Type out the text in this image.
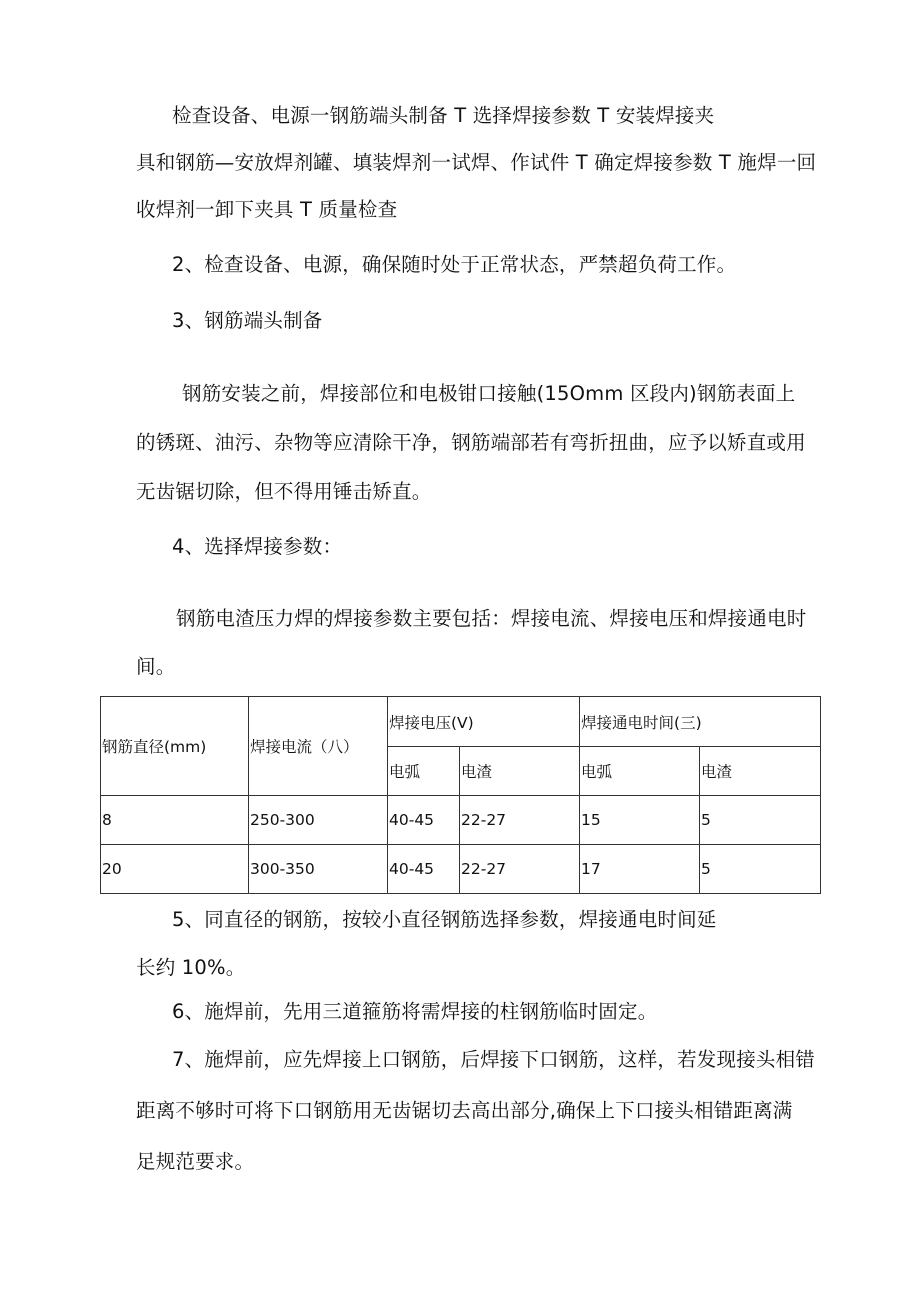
检查设备、电源一钢筋端头制备 T 选择焊接参数 T 安装焊接夹
具和钢筋—安放焊剂罐、填装焊剂一试焊、作试件 T 确定焊接参数 T 施焊一回
收焊剂一卸下夹具 T 质量检查
2、检查设备、电源，确保随时处于正常状态，严禁超负荷工作。
3、钢筋端头制备
钢筋安装之前，焊接部位和电极钳口接触(15Omm 区段内)钢筋表面上
的锈斑、油污、杂物等应清除干净，钢筋端部若有弯折扭曲，应予以矫直或用
无齿锯切除，但不得用锤击矫直。
4、选择焊接参数：
钢筋电渣压力焊的焊接参数主要包括：焊接电流、焊接电压和焊接通电时
间。
钢筋直径(mm)	焊接电流（八）	焊接电压(V)		焊接通电时间(三)	
		电弧	电渣	电弧	电渣
8	250-300	40-45	22-27	15	5
20	300-350	40-45	22-27	17	5
5、同直径的钢筋，按较小直径钢筋选择参数，焊接通电时间延
长约 10%。
6、施焊前，先用三道箍筋将需焊接的柱钢筋临时固定。
7、施焊前，应先焊接上口钢筋，后焊接下口钢筋，这样，若发现接头相错
距离不够时可将下口钢筋用无齿锯切去高出部分,确保上下口接头相错距离满
足规范要求。
